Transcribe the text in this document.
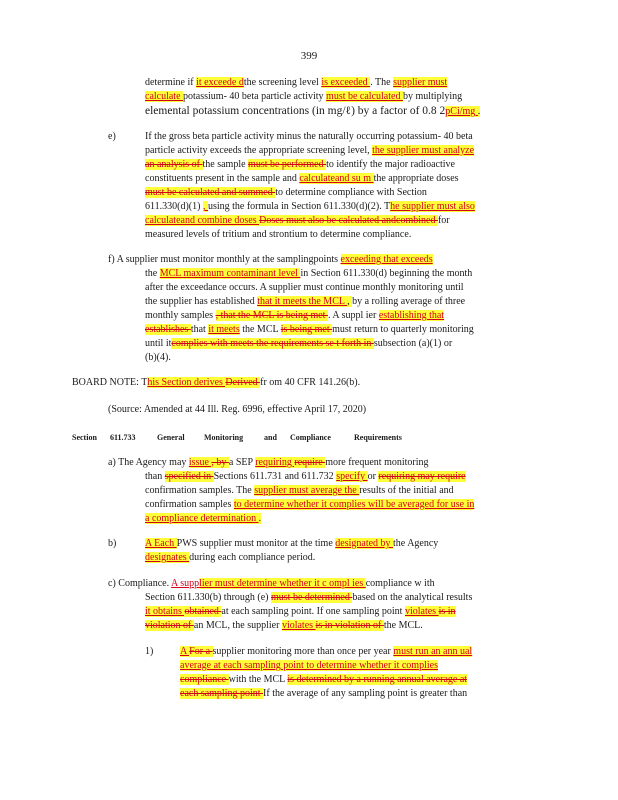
399
determine if it exceede dthe screening level is exceeded . The supplier must
calculate potassium- 40 beta particle activity must be calculated by multiplying
elemental potassium concentrations (in mg/ℓ) by a factor of 0.8 2pCi/mg .
e)	If the gross beta particle activity minus the naturally occurring potassium- 40 beta
particle activity exceeds the appropriate screening level, the supplier must analyze
an analysis of the sample must be performed to identify the major radioactive
constituents present in the sample and calculateand su m the appropriate doses
must be calculated and summed to determine compliance with Section
611.330(d)(1) , using the formula in Section 611.330(d)(2). The supplier must also
calculateand combine doses Doses must also be calculated andcombined for
measured levels of tritium and strontium to determine compliance.
f) A supplier must monitor monthly at the samplingpoints exceeding that exceeds
the MCL maximum contaminant level in Section 611.330(d) beginning the month
after the exceedance occurs. A supplier must continue monthly monitoring until
the supplier has established that it meets the MCL , by a rolling average of three
monthly samples , that the MCL is being met . A suppl ier establishing that
establishes that it meets the MCL is being met must return to quarterly monitoring
until itcomplies with meets the requirements se t forth in subsection (a)(1) or
(b)(4).
BOARD NOTE: This Section derives Derived fr om 40 CFR 141.26(b).
(Source: Amended at 44 Ill. Reg. 6996, effective April 17, 2020)
Section 611.733	General Monitoring	and Compliance	Requirements
a) The Agency may issue , by a SEP requiring require more frequent monitoring
than specified in Sections 611.731 and 611.732 specify or requiring may require
confirmation samples. The supplier must average the results of the initial and
confirmation samples to determine whether it complies will be averaged for use in
a compliance determination .
b)	A Each PWS supplier must monitor at the time designated by the Agency
designates during each compliance period.
c) Compliance. A supplier must determine whether it c ompl ies compliance w ith
Section 611.330(b) through (e) must be determined based on the analytical results
it obtains obtained at each sampling point. If one sampling point violates is in
violation of an MCL, the supplier violates is in violation of the MCL.
1)	A For a supplier monitoring more than once per year must run an ann ual
average at each sampling point to determine whether it complies
compliance with the MCL is determined by a running annual average at
each sampling point If the average of any sampling point is greater than
